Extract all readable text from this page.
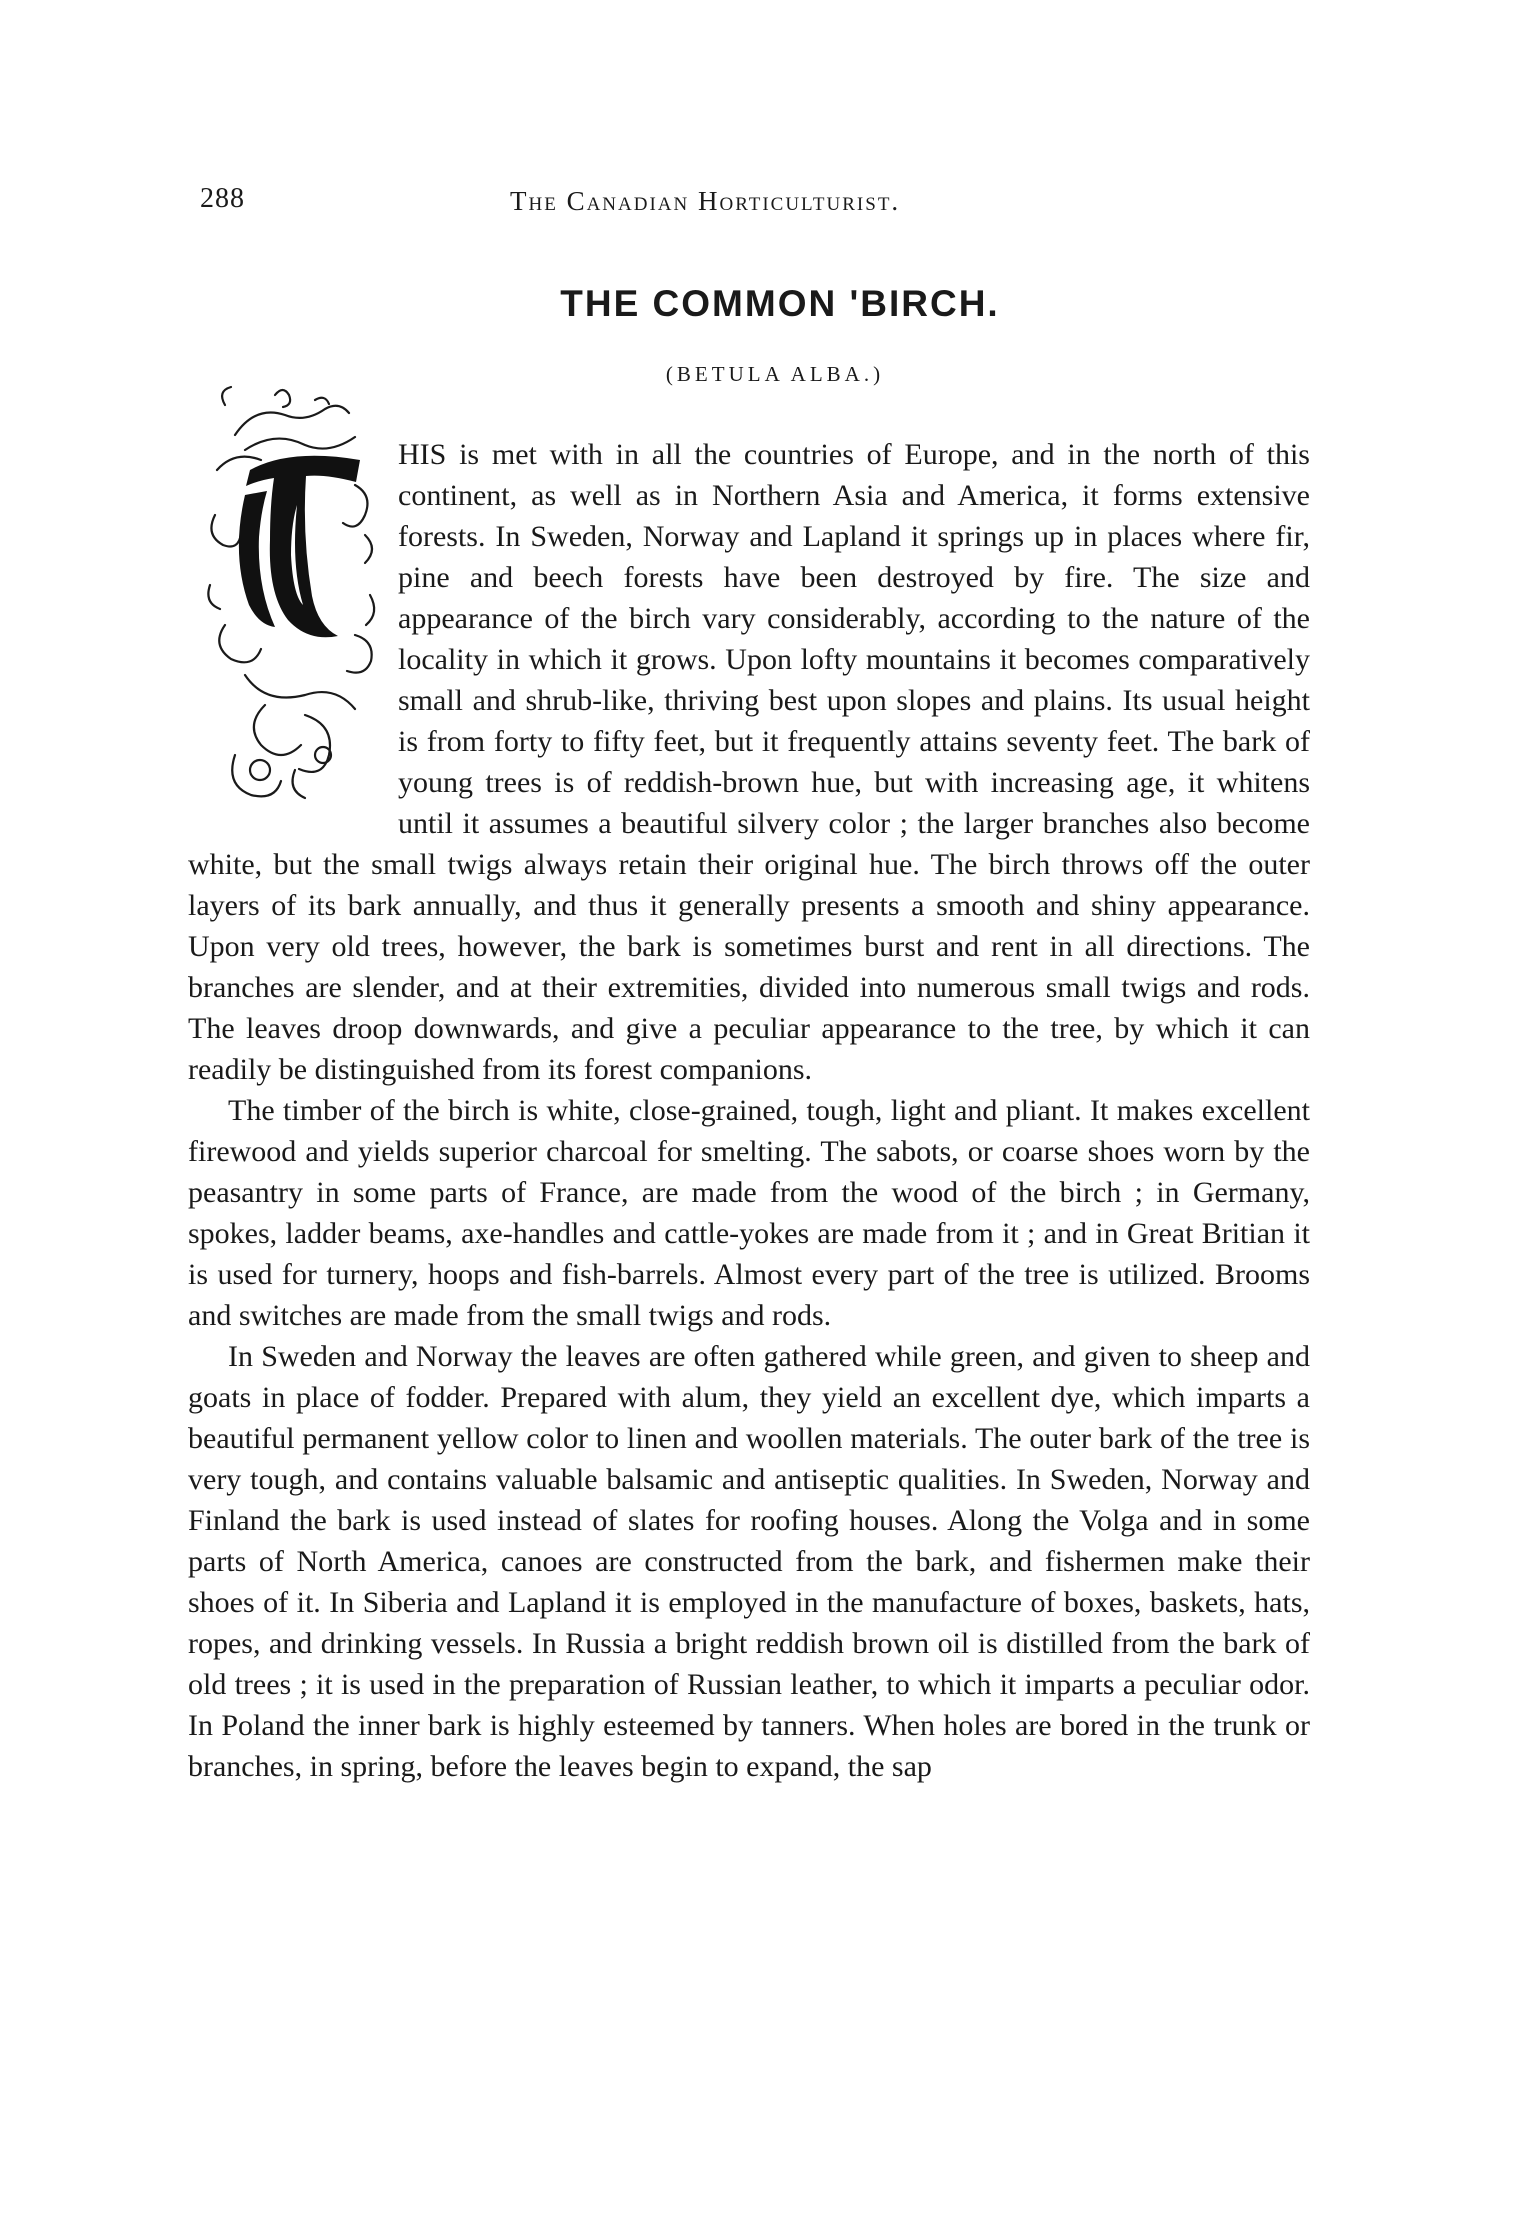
288	The Canadian Horticulturist.
THE COMMON 'BIRCH.
(BETULA ALBA.)

HIS is met with in all the countries of Europe, and in the north of this continent, as well as in Northern Asia and America, it forms extensive forests. In Sweden, Norway and Lapland it springs up in places where fir, pine and beech forests have been destroyed by fire. The size and appearance of the birch vary considerably, according to the nature of the locality in which it grows. Upon lofty mountains it becomes comparatively small and shrub-like, thriving best upon slopes and plains. Its usual height is from forty to fifty feet, but it frequently attains seventy feet. The bark of young trees is of reddish-brown hue, but with increasing age, it whitens until it assumes a beautiful silvery color ; the larger branches also become white, but the small twigs always retain their original hue. The birch throws off the outer layers of its bark annually, and thus it generally presents a smooth and shiny appearance. Upon very old trees, however, the bark is sometimes burst and rent in all directions. The branches are slender, and at their extremities, divided into numerous small twigs and rods. The leaves droop downwards, and give a peculiar appearance to the tree, by which it can readily be distinguished from its forest companions.

The timber of the birch is white, close-grained, tough, light and pliant. It makes excellent firewood and yields superior charcoal for smelting. The sabots, or coarse shoes worn by the peasantry in some parts of France, are made from the wood of the birch ; in Germany, spokes, ladder beams, axe-handles and cattle-yokes are made from it ; and in Great Britian it is used for turnery, hoops and fish-barrels. Almost every part of the tree is utilized. Brooms and switches are made from the small twigs and rods.

In Sweden and Norway the leaves are often gathered while green, and given to sheep and goats in place of fodder. Prepared with alum, they yield an excellent dye, which imparts a beautiful permanent yellow color to linen and woollen materials. The outer bark of the tree is very tough, and contains valuable balsamic and antiseptic qualities. In Sweden, Norway and Finland the bark is used instead of slates for roofing houses. Along the Volga and in some parts of North America, canoes are constructed from the bark, and fishermen make their shoes of it. In Siberia and Lapland it is employed in the manufacture of boxes, baskets, hats, ropes, and drinking vessels. In Russia a bright reddish brown oil is distilled from the bark of old trees ; it is used in the preparation of Russian leather, to which it imparts a peculiar odor. In Poland the inner bark is highly esteemed by tanners. When holes are bored in the trunk or branches, in spring, before the leaves begin to expand, the sap
